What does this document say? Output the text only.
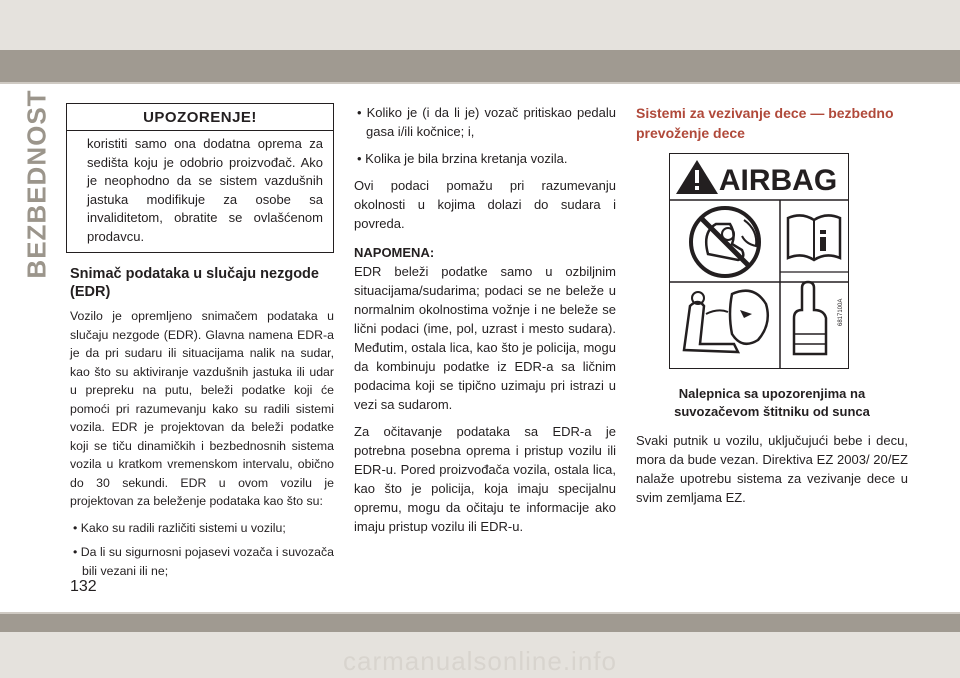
BEZBEDNOST	UPOZORENJE!
koristiti samo ona dodatna oprema za sedišta koju je odobrio proizvođač. Ako je neophodno da se sistem vazdušnih jastuka modifikuje za osobe sa invaliditetom, obratite se ovlašćenom prodavcu.
Snimač podataka u slučaju nezgode (EDR)

Vozilo je opremljeno snimačem podataka u slučaju nezgode (EDR). Glavna namena EDR-a je da pri sudaru ili situacijama nalik na sudar, kao što su aktiviranje vazdušnih jastuka ili udar u prepreku na putu, beleži podatke koji će pomoći pri razumevanju kako su radili sistemi vozila. EDR je projektovan da beleži podatke koji se tiču dinamičkih i bezbednosnih sistema vozila u kratkom vremenskom intervalu, obično do 30 sekundi. EDR u ovom vozilu je projektovan za beleženje podataka kao što su:

• Kako su radili različiti sistemi u vozilu;

• Da li su sigurnosni pojasevi vozača i suvozača bili vezani ili ne;

• Koliko je (i da li je) vozač pritiskao pedalu gasa i/ili kočnice; i,

• Kolika je bila brzina kretanja vozila.

Ovi podaci pomažu pri razumevanju okolnosti u kojima dolazi do sudara i povreda.

NAPOMENA:

EDR beleži podatke samo u ozbiljnim situacijama/sudarima; podaci se ne beleže u normalnim okolnostima vožnje i ne beleže se lični podaci (ime, pol, uzrast i mesto sudara). Međutim, ostala lica, kao što je policija, mogu da kombinuju podatke iz EDR-a sa ličnim podacima koji se tipično uzimaju pri istrazi u vezi sa sudarom.

Za očitavanje podataka sa EDR-a je potrebna posebna oprema i pristup vozilu ili EDR-u. Pored proizvođača vozila, ostala lica, kao što je policija, koja imaju specijalnu opremu, mogu da očitaju te informacije ako imaju pristup vozilu ili EDR-u.

Sistemi za vezivanje dece — bezbedno prevoženje dece
AIRBAG
6817100A
Nalepnica sa upozorenjima na suvozačevom štitniku od sunca

Svaki putnik u vozilu, uključujući bebe i decu, mora da bude vezan. Direktiva EZ 2003/ 20/EZ nalaže upotrebu sistema za vezivanje dece u svim zemljama EZ.

132
carmanualsonline.info
